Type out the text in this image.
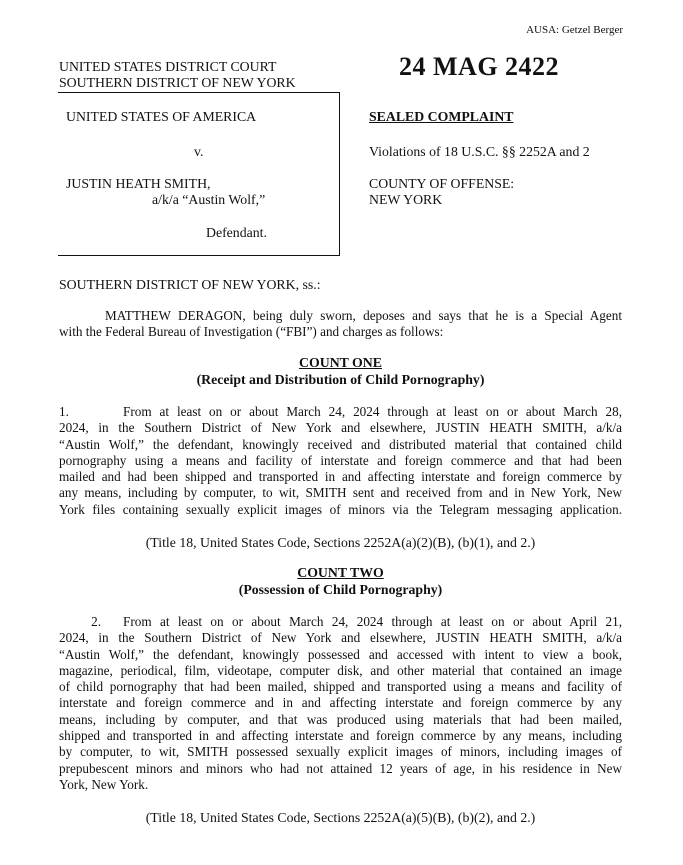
AUSA: Getzel Berger
UNITED STATES DISTRICT COURT
SOUTHERN DISTRICT OF NEW YORK
24 MAG 2422
UNITED STATES OF AMERICA
v.
JUSTIN HEATH SMITH,
a/k/a “Austin Wolf,”
Defendant.
SEALED COMPLAINT
Violations of 18 U.S.C. §§ 2252A and 2
COUNTY OF OFFENSE:
NEW YORK
SOUTHERN DISTRICT OF NEW YORK, ss.:
MATTHEW DERAGON, being duly sworn, deposes and says that he is a Special Agent
with the Federal Bureau of Investigation (“FBI”) and charges as follows:
COUNT ONE
(Receipt and Distribution of Child Pornography)
1.	From at least on or about March 24, 2024 through at least on or about March 28,
2024, in the Southern District of New York and elsewhere, JUSTIN HEATH SMITH, a/k/a
“Austin Wolf,” the defendant, knowingly received and distributed material that contained child
pornography using a means and facility of interstate and foreign commerce and that had been
mailed and had been shipped and transported in and affecting interstate and foreign commerce by
any means, including by computer, to wit, SMITH sent and received from and in New York, New
York files containing sexually explicit images of minors via the Telegram messaging application.
(Title 18, United States Code, Sections 2252A(a)(2)(B), (b)(1), and 2.)
COUNT TWO
(Possession of Child Pornography)
2.	From at least on or about March 24, 2024 through at least on or about April 21,
2024, in the Southern District of New York and elsewhere, JUSTIN HEATH SMITH, a/k/a
“Austin Wolf,” the defendant, knowingly possessed and accessed with intent to view a book,
magazine, periodical, film, videotape, computer disk, and other material that contained an image
of child pornography that had been mailed, shipped and transported using a means and facility of
interstate and foreign commerce and in and affecting interstate and foreign commerce by any
means, including by computer, and that was produced using materials that had been mailed,
shipped and transported in and affecting interstate and foreign commerce by any means, including
by computer, to wit, SMITH possessed sexually explicit images of minors, including images of
prepubescent minors and minors who had not attained 12 years of age, in his residence in New
York, New York.
(Title 18, United States Code, Sections 2252A(a)(5)(B), (b)(2), and 2.)
